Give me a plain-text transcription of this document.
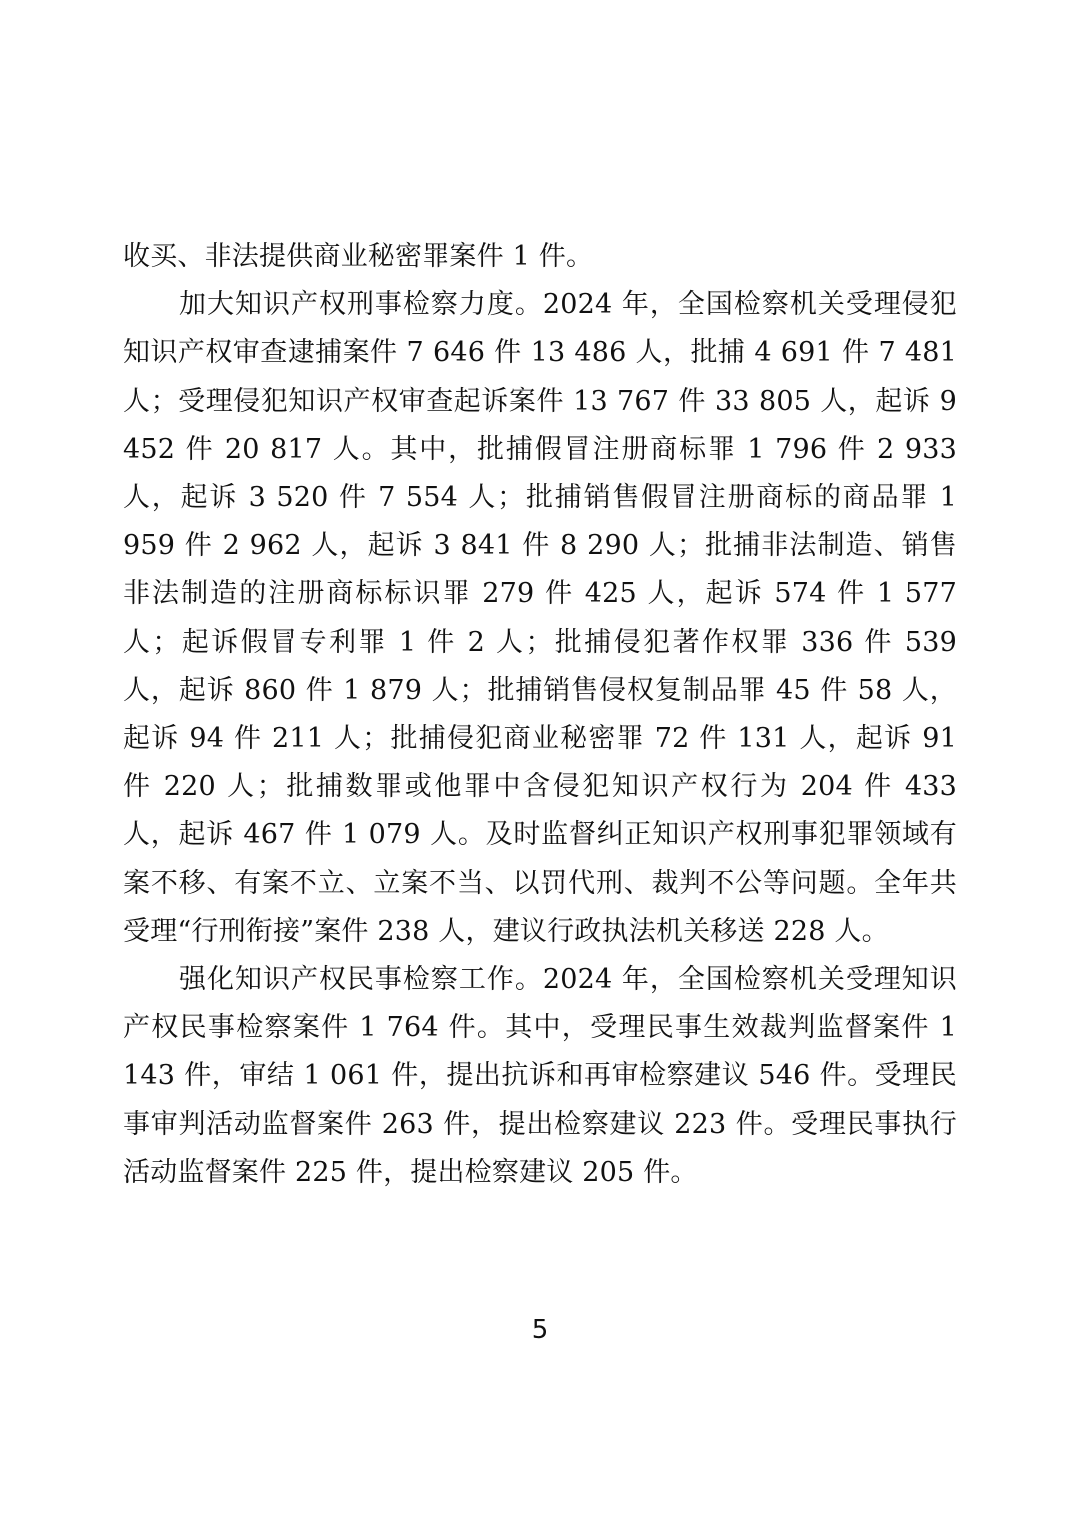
收买、非法提供商业秘密罪案件 1 件。

加大知识产权刑事检察力度。2024 年，全国检察机关受理侵犯知识产权审查逮捕案件 7 646 件 13 486 人，批捕 4 691 件 7 481 人；受理侵犯知识产权审查起诉案件 13 767 件 33 805 人，起诉 9 452 件 20 817 人。其中，批捕假冒注册商标罪 1 796 件 2 933 人，起诉 3 520 件 7 554 人；批捕销售假冒注册商标的商品罪 1 959 件 2 962 人，起诉 3 841 件 8 290 人；批捕非法制造、销售非法制造的注册商标标识罪 279 件 425 人，起诉 574 件 1 577 人；起诉假冒专利罪 1 件 2 人；批捕侵犯著作权罪 336 件 539 人，起诉 860 件 1 879 人；批捕销售侵权复制品罪 45 件 58 人，起诉 94 件 211 人；批捕侵犯商业秘密罪 72 件 131 人，起诉 91 件 220 人；批捕数罪或他罪中含侵犯知识产权行为 204 件 433 人，起诉 467 件 1 079 人。及时监督纠正知识产权刑事犯罪领域有案不移、有案不立、立案不当、以罚代刑、裁判不公等问题。全年共受理“行刑衔接”案件 238 人，建议行政执法机关移送 228 人。

强化知识产权民事检察工作。2024 年，全国检察机关受理知识产权民事检察案件 1 764 件。其中，受理民事生效裁判监督案件 1 143 件，审结 1 061 件，提出抗诉和再审检察建议 546 件。受理民事审判活动监督案件 263 件，提出检察建议 223 件。受理民事执行活动监督案件 225 件，提出检察建议 205 件。

5
